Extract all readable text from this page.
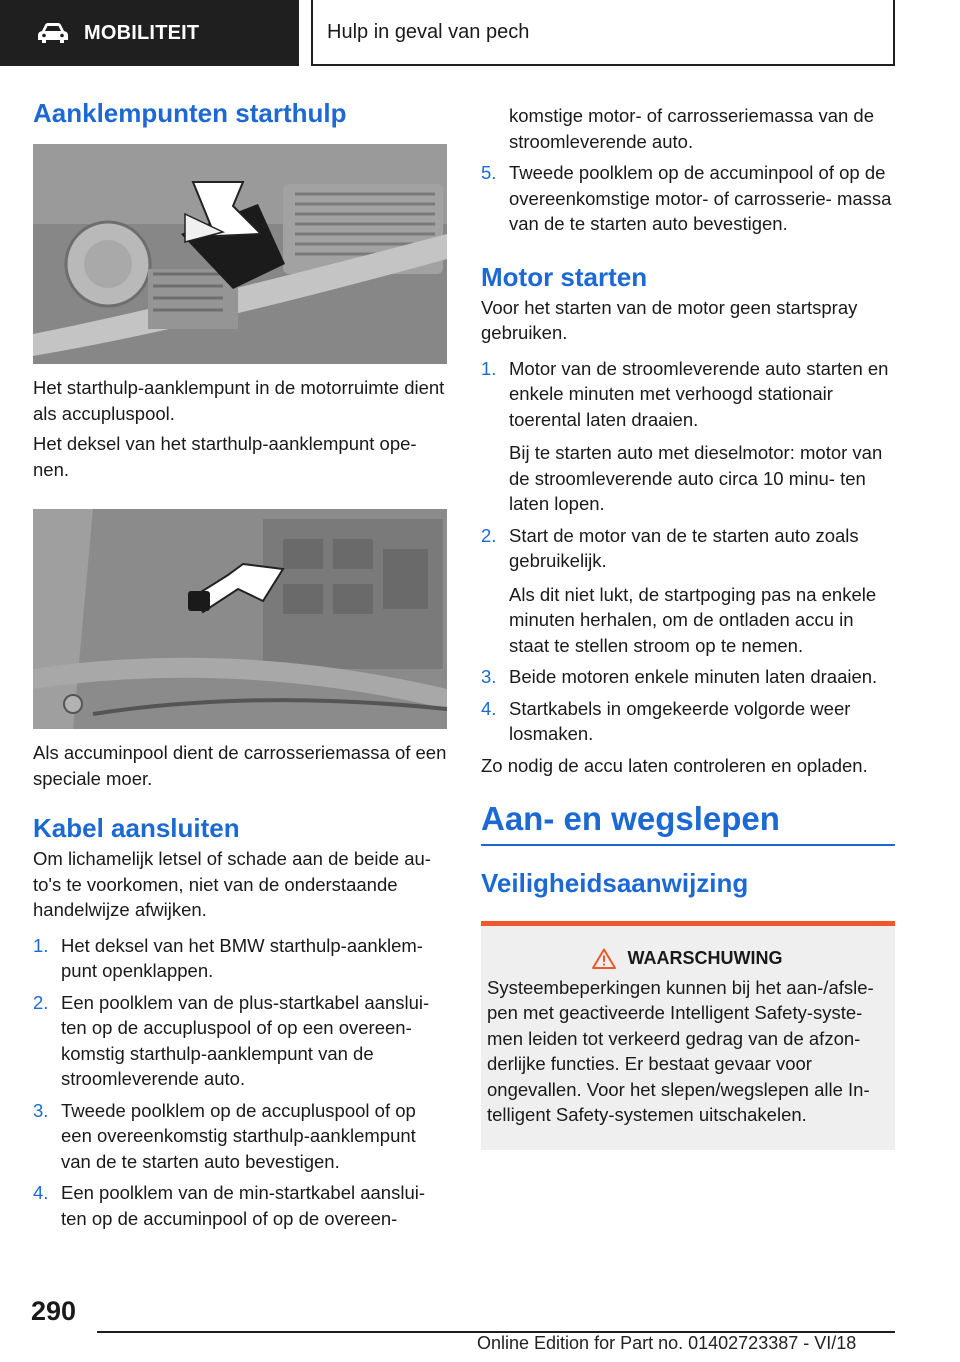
MOBILITEIT	Hulp in geval van pech
Aanklempunten starthulp

Het starthulp-aanklempunt in de motorruimte dient als accupluspool.

Het deksel van het starthulp-aanklempunt ope‐ nen.

Als accuminpool dient de carrosseriemassa of een speciale moer.

Kabel aansluiten

Om lichamelijk letsel of schade aan de beide au‐ to's te voorkomen, niet van de onderstaande handelwijze afwijken.

1. Het deksel van het BMW starthulp-aanklem‐ punt openklappen.
2. Een poolklem van de plus-startkabel aanslui‐ ten op de accupluspool of op een overeen‐ komstig starthulp-aanklempunt van de stroomleverende auto.
3. Tweede poolklem op de accupluspool of op een overeenkomstig starthulp-aanklempunt van de te starten auto bevestigen.
4. Een poolklem van de min-startkabel aanslui‐ ten op de accuminpool of op de overeen‐
komstige motor- of carrosseriemassa van de stroomleverende auto.
5. Tweede poolklem op de accuminpool of op de overeenkomstige motor- of carrosserie‐ massa van de te starten auto bevestigen.
Motor starten

Voor het starten van de motor geen startspray gebruiken.

1. Motor van de stroomleverende auto starten en enkele minuten met verhoogd stationair toerental laten draaien.
Bij te starten auto met dieselmotor: motor van de stroomleverende auto circa 10 minu‐ ten laten lopen.
2. Start de motor van de te starten auto zoals gebruikelijk.
Als dit niet lukt, de startpoging pas na enkele minuten herhalen, om de ontladen accu in staat te stellen stroom op te nemen.
3. Beide motoren enkele minuten laten draaien.
4. Startkabels in omgekeerde volgorde weer losmaken.

Zo nodig de accu laten controleren en opladen.

Aan- en wegslepen
Veiligheidsaanwijzing
WAARSCHUWING

Systeembeperkingen kunnen bij het aan-/afsle‐ pen met geactiveerde Intelligent Safety-syste‐ men leiden tot verkeerd gedrag van de afzon‐ derlijke functies. Er bestaat gevaar voor ongevallen. Voor het slepen/wegslepen alle In‐ telligent Safety-systemen uitschakelen.

290
Online Edition for Part no. 01402723387 - VI/18
